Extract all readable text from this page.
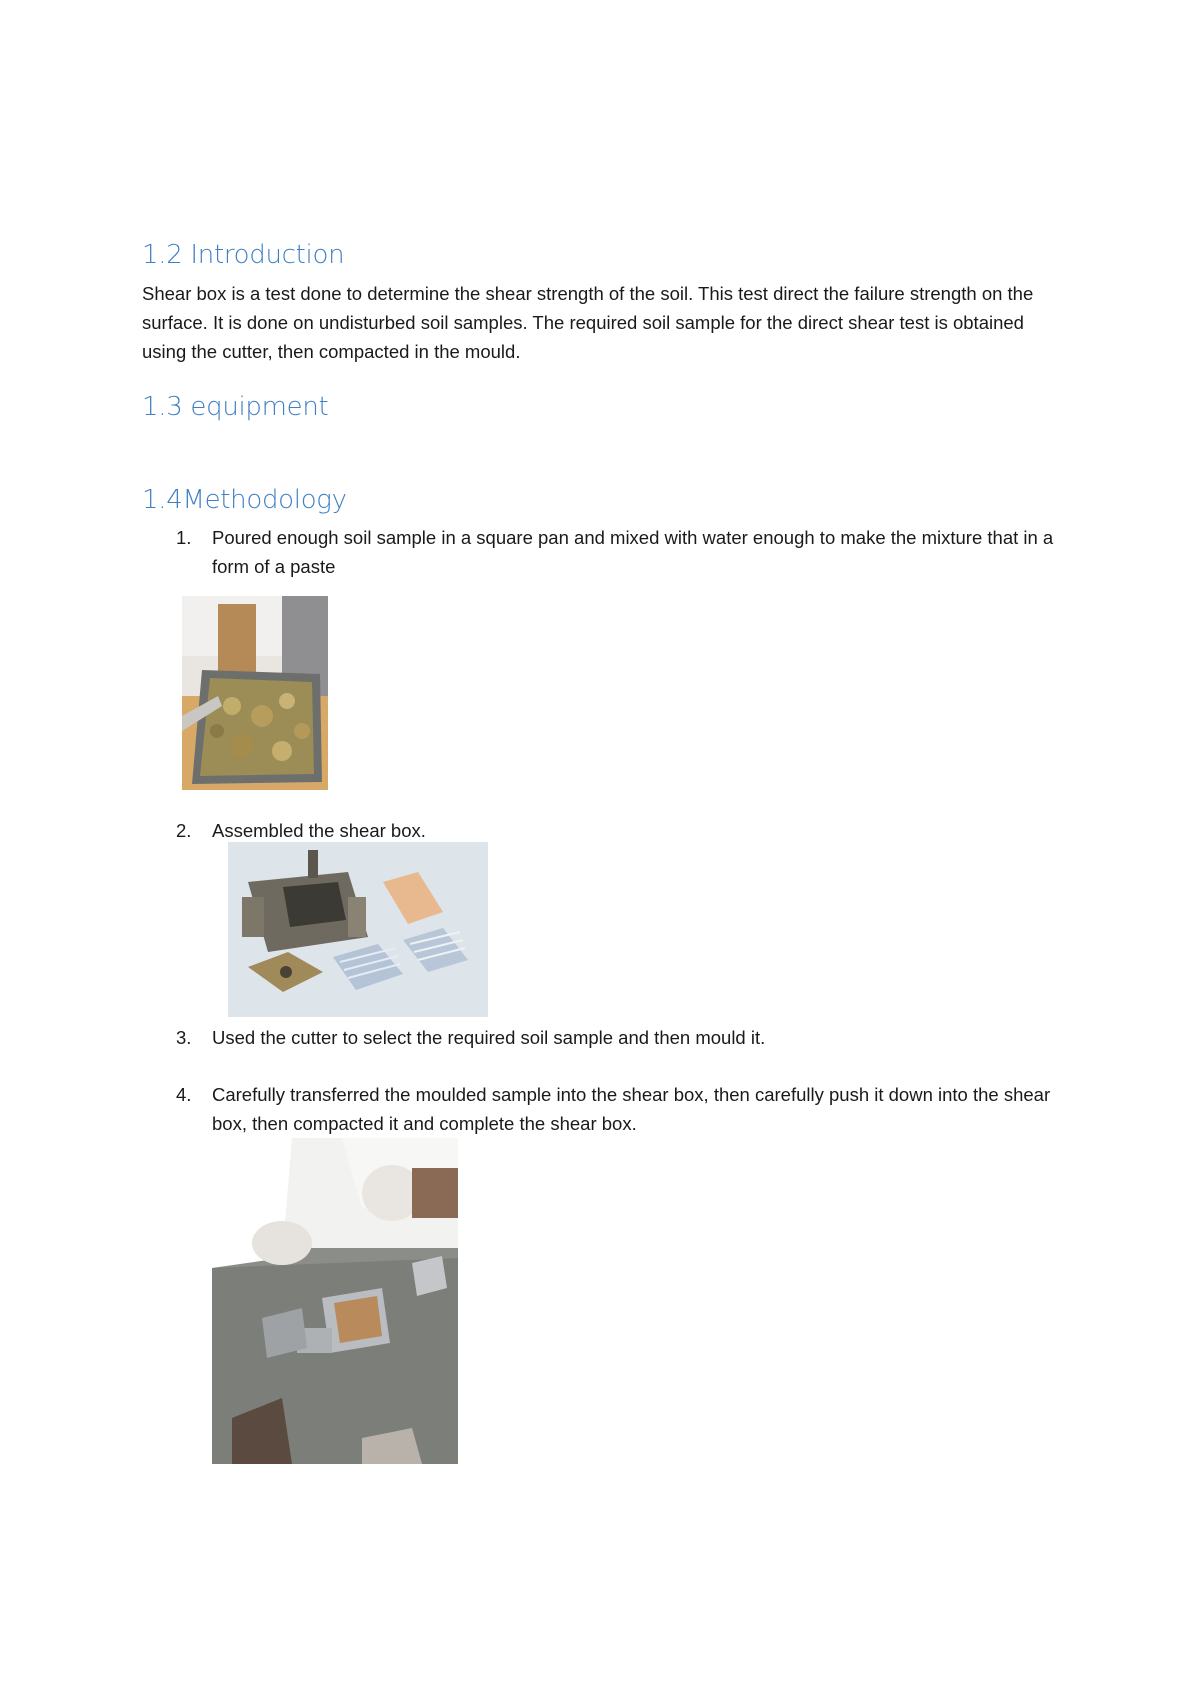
1.2 Introduction

Shear box is a test done to determine the shear strength of the soil. This test direct the failure strength on the surface. It is done on undisturbed soil samples. The required soil sample for the direct shear test is obtained using the cutter, then compacted in the mould.

1.3 equipment
1.4Methodology
1. Poured enough soil sample in a square pan and mixed with water enough to make the mixture that in a form of a paste
2. Assembled the shear box.
3. Used the cutter to select the required soil sample and then mould it.
4. Carefully transferred the moulded sample into the shear box, then carefully push it down into the shear box, then compacted it and complete the shear box.
